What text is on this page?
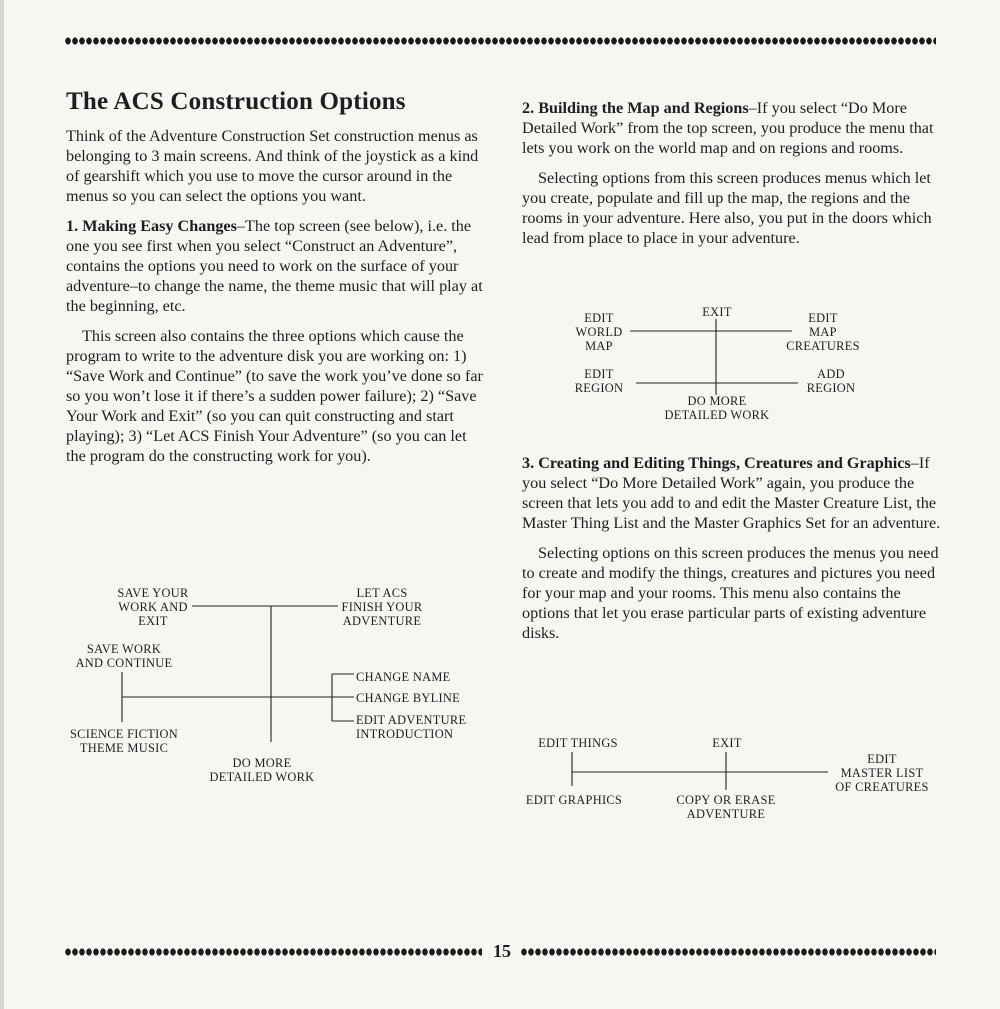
The ACS Construction Options

Think of the Adventure Construction Set construction menus as belonging to 3 main screens. And think of the joystick as a kind of gearshift which you use to move the cursor around in the menus so you can select the options you want.

1. Making Easy Changes–The top screen (see below), i.e. the one you see first when you select “Construct an Adventure”, contains the options you need to work on the surface of your adventure–to change the name, the theme music that will play at the beginning, etc.

This screen also contains the three options which cause the program to write to the adventure disk you are working on: 1) “Save Work and Continue” (to save the work you’ve done so far so you won’t lose it if there’s a sudden power failure); 2) “Save Your Work and Exit” (so you can quit constructing and start playing); 3) “Let ACS Finish Your Adventure” (so you can let the program do the constructing work for you).

SAVE YOUR
WORK AND
EXIT
LET ACS
FINISH YOUR
ADVENTURE
SAVE WORK
AND CONTINUE
CHANGE NAME
CHANGE BYLINE
EDIT ADVENTURE
INTRODUCTION
SCIENCE FICTION
THEME MUSIC
DO MORE
DETAILED WORK

2. Building the Map and Regions–If you select “Do More Detailed Work” from the top screen, you produce the menu that lets you work on the world map and on regions and rooms.

Selecting options from this screen produces menus which let you create, populate and fill up the map, the regions and the rooms in your adventure. Here also, you put in the doors which lead from place to place in your adventure.

EDIT
WORLD
MAP
EXIT	EDIT
MAP
CREATURES
EDIT
REGION
ADD
REGION
DO MORE
DETAILED WORK

3. Creating and Editing Things, Creatures and Graphics–If you select “Do More Detailed Work” again, you produce the screen that lets you add to and edit the Master Creature List, the Master Thing List and the Master Graphics Set for an adventure.

Selecting options on this screen produces the menus you need to create and modify the things, creatures and pictures you need for your map and your rooms. This menu also contains the options that let you erase particular parts of existing adventure disks.

EDIT THINGS	EXIT
EDIT
MASTER LIST
OF CREATURES
EDIT GRAPHICS	COPY OR ERASE
ADVENTURE
15
